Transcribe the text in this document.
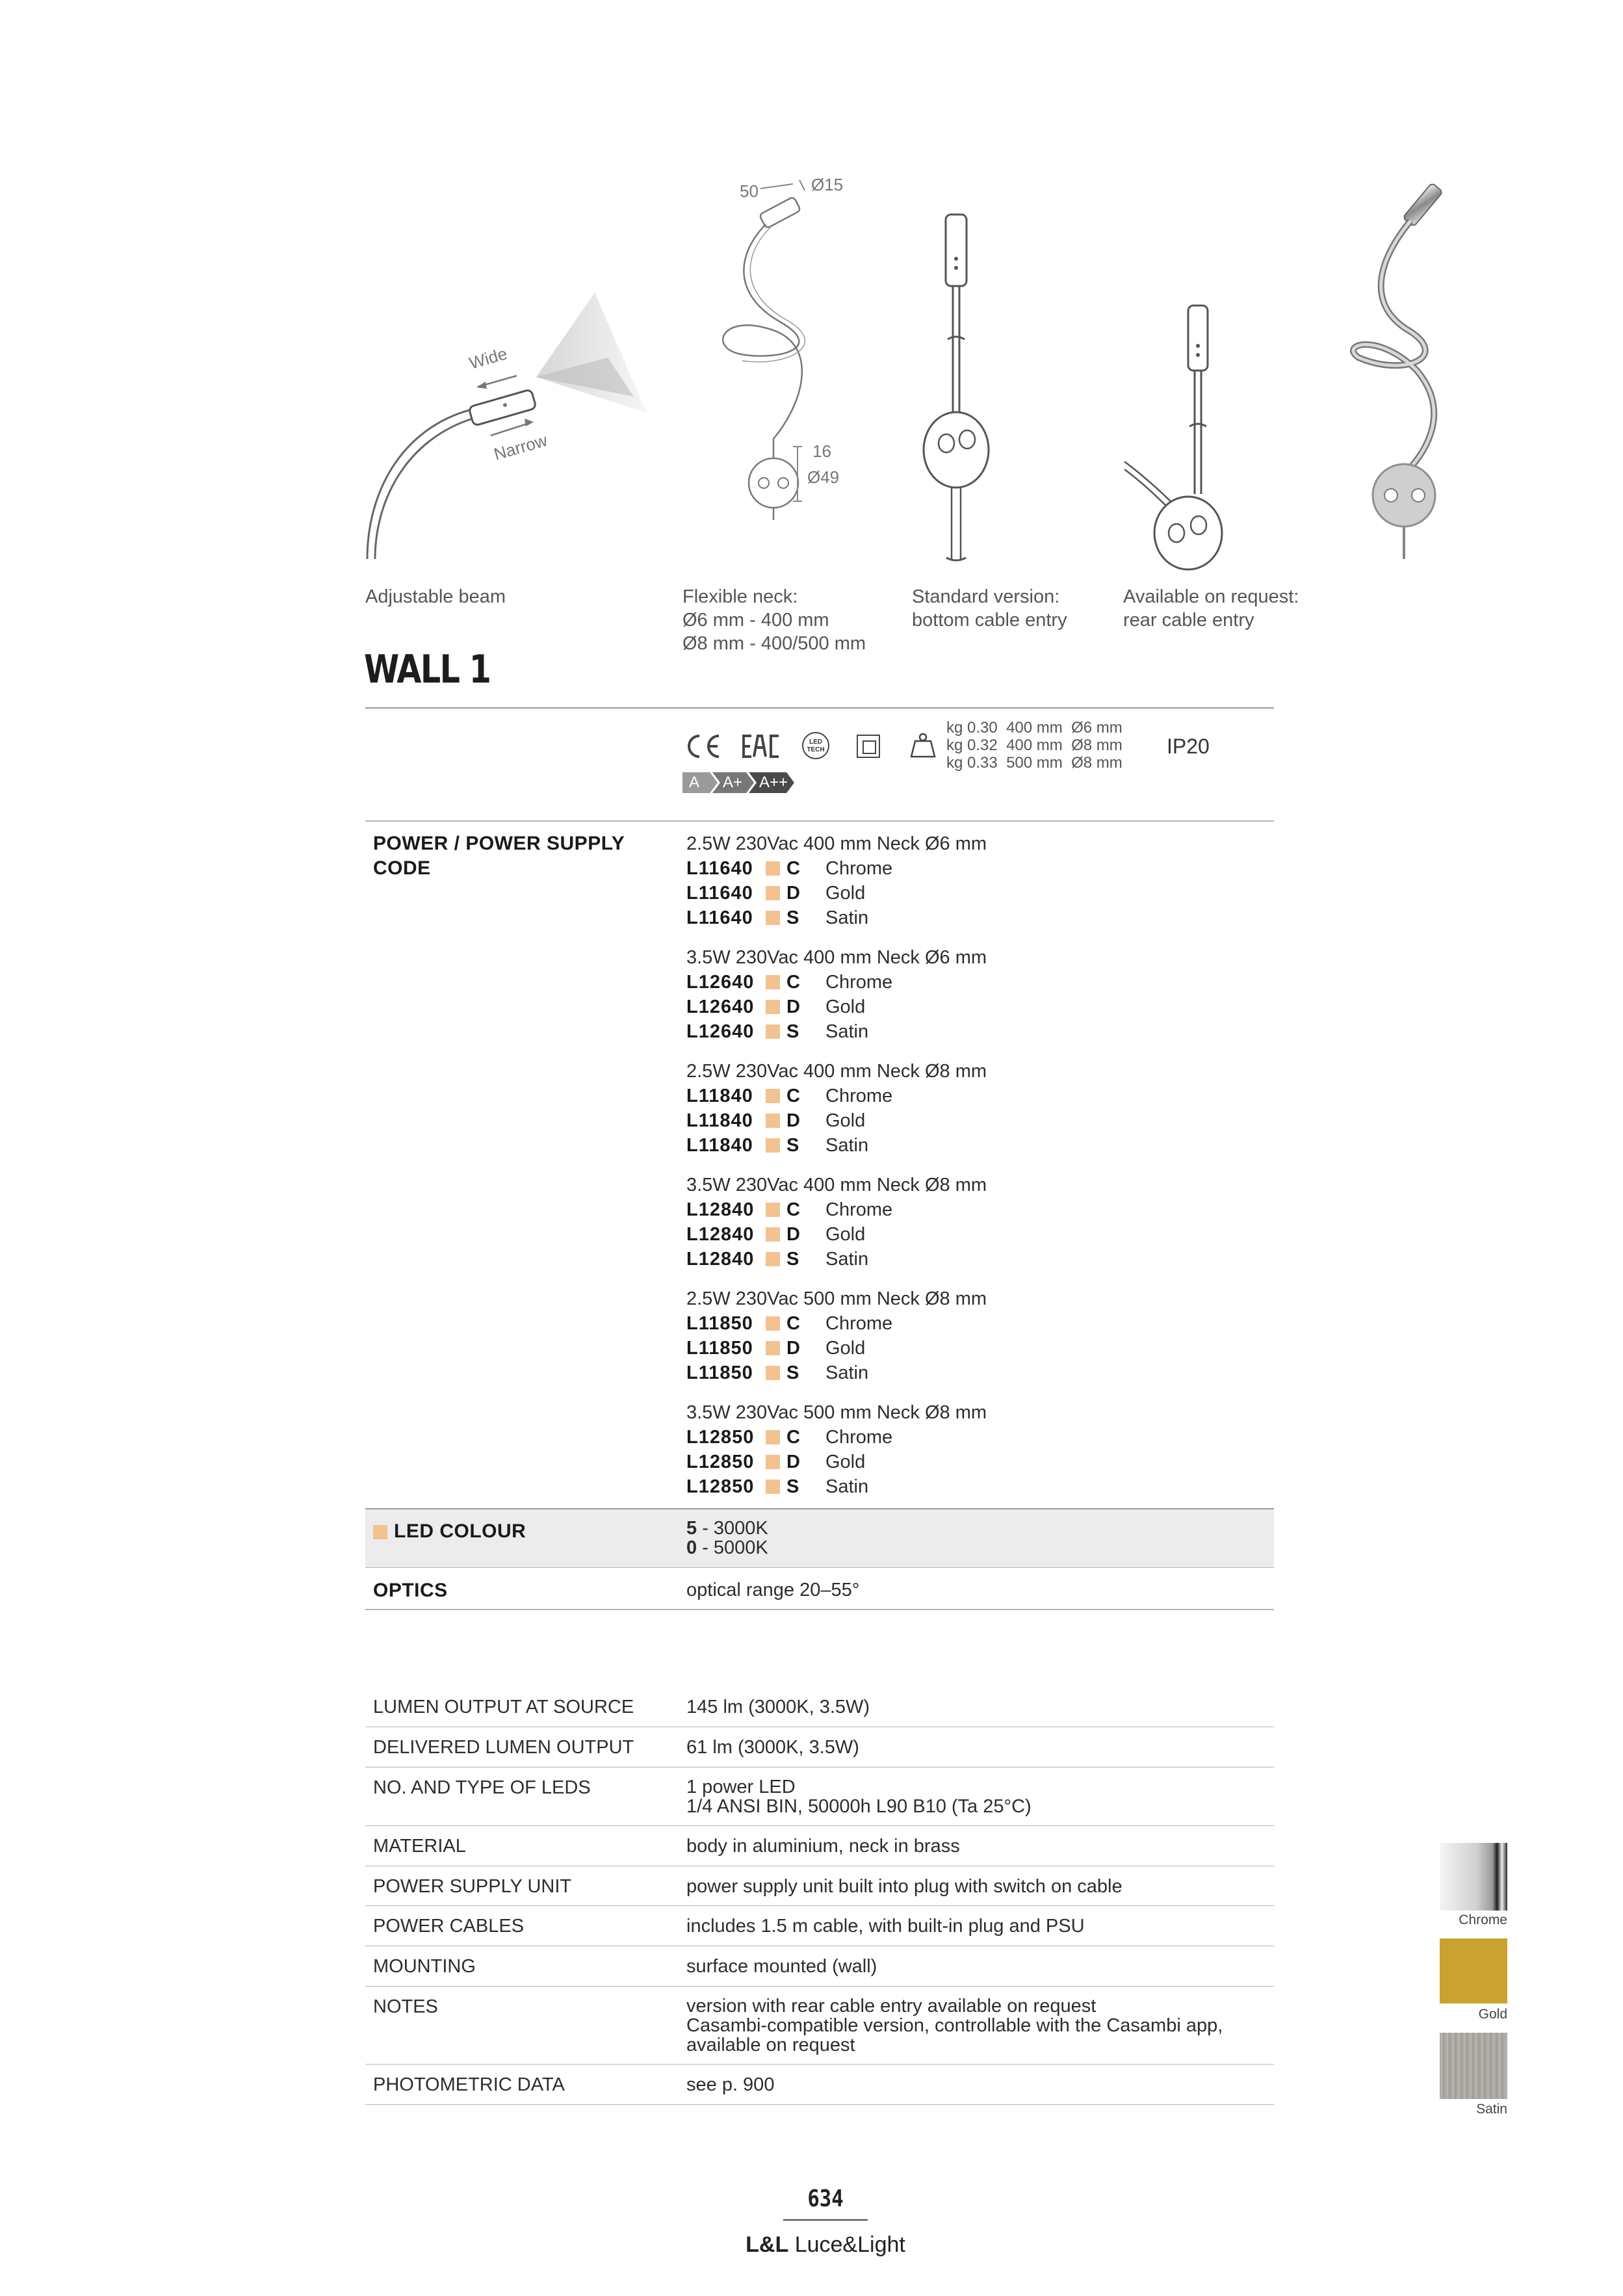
Wide
Narrow
50	Ø15
16
Ø49
Adjustable beam	Flexible neck:
Ø6 mm - 400 mm
Ø8 mm - 400/500 mm
Standard version:
bottom cable entry
Available on request:
rear cable entry
WALL 1
LED TECH
kg 0.30 400 mm Ø6 mm
kg 0.32 400 mm Ø8 mm
kg 0.33 500 mm Ø8 mm
IP20
A A+ A++
POWER / POWER SUPPLY
CODE
2.5W 230Vac 400 mm Neck Ø6 mm
L11640 C Chrome
L11640 D Gold
L11640 S Satin
3.5W 230Vac 400 mm Neck Ø6 mm
L12640 C Chrome
L12640 D Gold
L12640 S Satin
2.5W 230Vac 400 mm Neck Ø8 mm
L11840 C Chrome
L11840 D Gold
L11840 S Satin
3.5W 230Vac 400 mm Neck Ø8 mm
L12840 C Chrome
L12840 D Gold
L12840 S Satin
2.5W 230Vac 500 mm Neck Ø8 mm
L11850 C Chrome
L11850 D Gold
L11850 S Satin
3.5W 230Vac 500 mm Neck Ø8 mm
L12850 C Chrome
L12850 D Gold
L12850 S Satin
LED COLOUR	5 - 3000K
0 - 5000K
OPTICS	optical range 20–55°
LUMEN OUTPUT AT SOURCE	145 lm (3000K, 3.5W)
DELIVERED LUMEN OUTPUT	61 lm (3000K, 3.5W)
NO. AND TYPE OF LEDS	1 power LED
1/4 ANSI BIN, 50000h L90 B10 (Ta 25°C)
MATERIAL	body in aluminium, neck in brass
POWER SUPPLY UNIT	power supply unit built into plug with switch on cable
POWER CABLES	includes 1.5 m cable, with built-in plug and PSU
MOUNTING	surface mounted (wall)
NOTES	version with rear cable entry available on request
Casambi-compatible version, controllable with the Casambi app,
available on request
PHOTOMETRIC DATA	see p. 900
Chrome
Gold
Satin
634
L&L Luce&Light
